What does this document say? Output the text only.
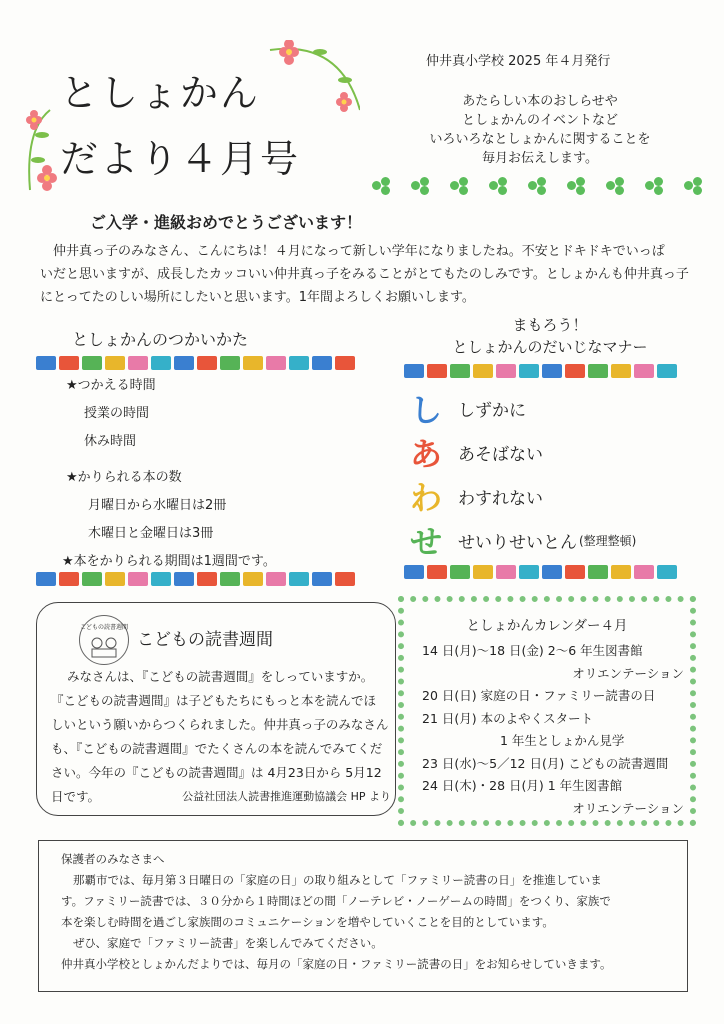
としょかん
だより４月号
仲井真小学校 2025 年４月発行
あたらしい本のおしらせや
としょかんのイベントなど
いろいろなとしょかんに関することを
毎月お伝えします。
ご入学・進級おめでとうございます！
　仲井真っ子のみなさん、こんにちは！４月になって新しい学年になりましたね。不安とドキドキでいっぱ
いだと思いますが、成長したカッコいい仲井真っ子をみることがとてもたのしみです。としょかんも仲井真っ子
にとってたのしい場所にしたいと思います。1年間よろしくお願いします。
としょかんのつかいかた
★つかえる時間
授業の時間
休み時間
★かりられる本の数
月曜日から水曜日は2冊
木曜日と金曜日は3冊
★本をかりられる期間は1週間です。
まもろう！
としょかんのだいじなマナー
し しずかに
あ あそばない
わ わすれない
せ せいりせいとん (整理整頓)
こどもの読書週間
こどもの読書週間
みなさんは、『こどもの読書週間』をしっていますか。
『こどもの読書週間』は子どもたちにもっと本を読んでほ
しいという願いからつくられました。仲井真っ子のみなさん
も、『こどもの読書週間』でたくさんの本を読んでみてくだ
さい。今年の『こどもの読書週間』は 4月23日から 5月12
日です。	公益社団法人読書推進運動協議会 HP より
としょかんカレンダー４月
14 日(月)～18 日(金) 2～6 年生図書館
オリエンテーション
20 日(日) 家庭の日・ファミリー読書の日
21 日(月) 本のよやくスタート
1 年生としょかん見学
23 日(水)～5／12 日(月) こどもの読書週間
24 日(木)・28 日(月) 1 年生図書館
オリエンテーション
保護者のみなさまへ
那覇市では、毎月第３日曜日の「家庭の日」の取り組みとして「ファミリー読書の日」を推進していま
す。ファミリー読書では、３０分から１時間ほどの間「ノーテレビ・ノーゲームの時間」をつくり、家族で
本を楽しむ時間を過ごし家族間のコミュニケーションを増やしていくことを目的としています。
ぜひ、家庭で「ファミリー読書」を楽しんでみてください。
仲井真小学校としょかんだよりでは、毎月の「家庭の日・ファミリー読書の日」をお知らせしていきます。
